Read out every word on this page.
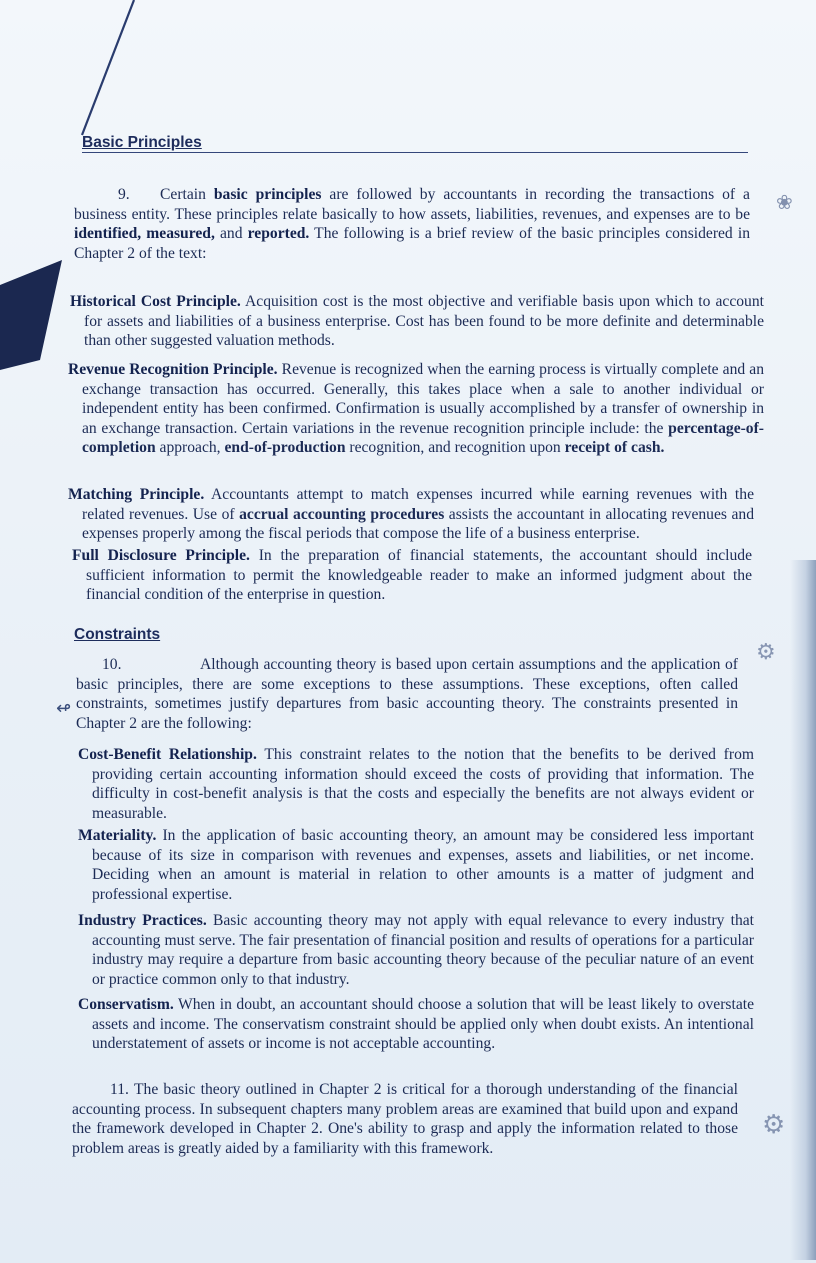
Basic Principles

9. Certain basic principles are followed by accountants in recording the transactions of a business entity. These principles relate basically to how assets, liabilities, revenues, and expenses are to be identified, measured, and reported. The following is a brief review of the basic principles considered in Chapter 2 of the text:

Historical Cost Principle. Acquisition cost is the most objective and verifiable basis upon which to account for assets and liabilities of a business enterprise. Cost has been found to be more definite and determinable than other suggested valuation methods.

Revenue Recognition Principle. Revenue is recognized when the earning process is virtually complete and an exchange transaction has occurred. Generally, this takes place when a sale to another individual or independent entity has been confirmed. Confirmation is usually accomplished by a transfer of ownership in an exchange transaction. Certain variations in the revenue recognition principle include: the percentage-of-completion approach, end-of-production recognition, and recognition upon receipt of cash.

Matching Principle. Accountants attempt to match expenses incurred while earning revenues with the related revenues. Use of accrual accounting procedures assists the accountant in allocating revenues and expenses properly among the fiscal periods that compose the life of a business enterprise.

Full Disclosure Principle. In the preparation of financial statements, the accountant should include sufficient information to permit the knowledgeable reader to make an informed judgment about the financial condition of the enterprise in question.

Constraints

10.	Although accounting theory is based upon certain assumptions and the application of basic principles, there are some exceptions to these assumptions. These exceptions, often called constraints, sometimes justify departures from basic accounting theory. The constraints presented in Chapter 2 are the following:

Cost-Benefit Relationship. This constraint relates to the notion that the benefits to be derived from providing certain accounting information should exceed the costs of providing that information. The difficulty in cost-benefit analysis is that the costs and especially the benefits are not always evident or measurable.

Materiality. In the application of basic accounting theory, an amount may be considered less important because of its size in comparison with revenues and expenses, assets and liabilities, or net income. Deciding when an amount is material in relation to other amounts is a matter of judgment and professional expertise.

Industry Practices. Basic accounting theory may not apply with equal relevance to every industry that accounting must serve. The fair presentation of financial position and results of operations for a particular industry may require a departure from basic accounting theory because of the peculiar nature of an event or practice common only to that industry.

Conservatism. When in doubt, an accountant should choose a solution that will be least likely to overstate assets and income. The conservatism constraint should be applied only when doubt exists. An intentional understatement of assets or income is not acceptable accounting.

11. The basic theory outlined in Chapter 2 is critical for a thorough understanding of the financial accounting process. In subsequent chapters many problem areas are examined that build upon and expand the framework developed in Chapter 2. One's ability to grasp and apply the information related to those problem areas is greatly aided by a familiarity with this framework.

↫
❀
⚙
⚙
